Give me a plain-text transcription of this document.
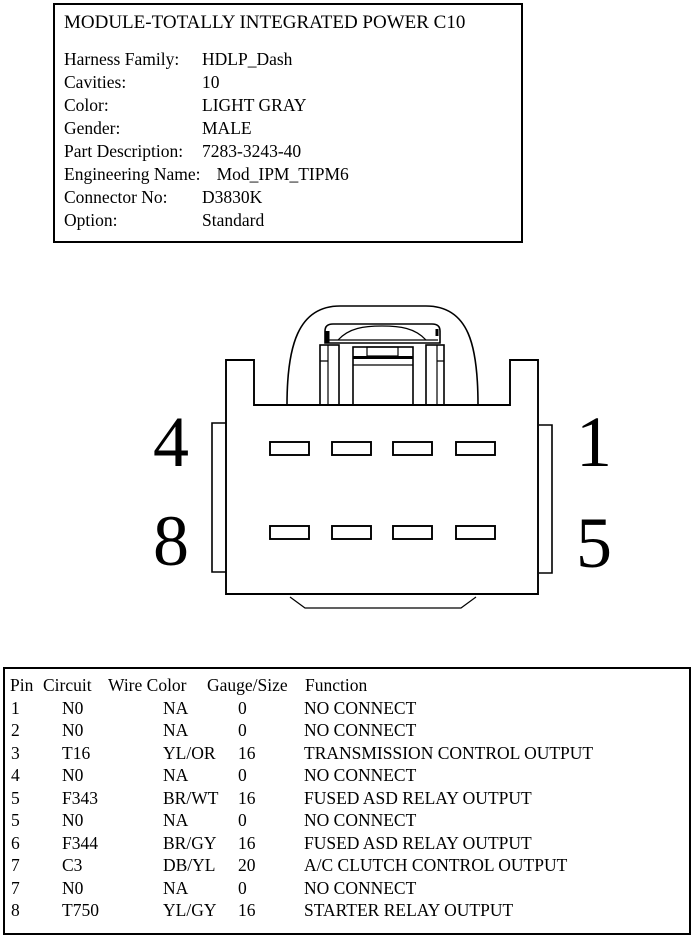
MODULE-TOTALLY INTEGRATED POWER C10
Harness Family:	HDLP_Dash
Cavities:	10
Color:	LIGHT GRAY
Gender:	MALE
Part Description: 7283-3243-40
Engineering Name: Mod_IPM_TIPM6
Connector No:	D3830K
Option:	Standard
4	1
8	5
Pin Circuit Wire Color Gauge/Size Function
1 N0	NA	0	NO CONNECT
2 N0	NA	0	NO CONNECT
3 T16	YL/OR 16	TRANSMISSION CONTROL OUTPUT
4 N0	NA	0	NO CONNECT
5 F343	BR/WT 16	FUSED ASD RELAY OUTPUT
5 N0	NA	0	NO CONNECT
6 F344	BR/GY 16	FUSED ASD RELAY OUTPUT
7 C3	DB/YL 20	A/C CLUTCH CONTROL OUTPUT
7 N0	NA	0	NO CONNECT
8 T750	YL/GY 16	STARTER RELAY OUTPUT
